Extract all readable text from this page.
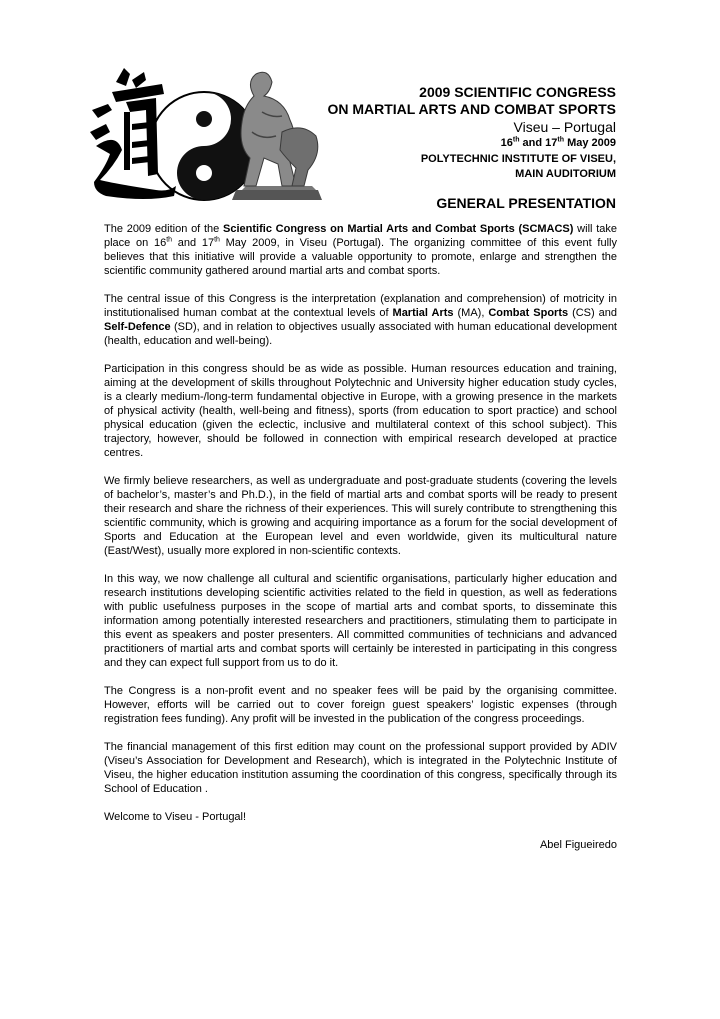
2009 SCIENTIFIC CONGRESS

ON MARTIAL ARTS AND COMBAT SPORTS

Viseu – Portugal

16th and 17th May 2009

POLYTECHNIC INSTITUTE OF VISEU,

MAIN AUDITORIUM

GENERAL PRESENTATION

The 2009 edition of the Scientific Congress on Martial Arts and Combat Sports (SCMACS) will take place on 16th and 17th May 2009, in Viseu (Portugal). The organizing committee of this event fully believes that this initiative will provide a valuable opportunity to promote, enlarge and strengthen the scientific community gathered around martial arts and combat sports.

The central issue of this Congress is the interpretation (explanation and comprehension) of motricity in institutionalised human combat at the contextual levels of Martial Arts (MA), Combat Sports (CS) and Self-Defence (SD), and in relation to objectives usually associated with human educational development (health, education and well-being).

Participation in this congress should be as wide as possible. Human resources education and training, aiming at the development of skills throughout Polytechnic and University higher education study cycles, is a clearly medium-/long-term fundamental objective in Europe, with a growing presence in the markets of physical activity (health, well-being and fitness), sports (from education to sport practice) and school physical education (given the eclectic, inclusive and multilateral context of this school subject). This trajectory, however, should be followed in connection with empirical research developed at practice centres.

We firmly believe researchers, as well as undergraduate and post-graduate students (covering the levels of bachelor’s, master’s and Ph.D.), in the field of martial arts and combat sports will be ready to present their research and share the richness of their experiences. This will surely contribute to strengthening this scientific community, which is growing and acquiring importance as a forum for the social development of Sports and Education at the European level and even worldwide, given its multicultural nature (East/West), usually more explored in non-scientific contexts.

In this way, we now challenge all cultural and scientific organisations, particularly higher education and research institutions developing scientific activities related to the field in question, as well as federations with public usefulness purposes in the scope of martial arts and combat sports, to disseminate this information among potentially interested researchers and practitioners, stimulating them to participate in this event as speakers and poster presenters. All committed communities of technicians and advanced practitioners of martial arts and combat sports will certainly be interested in participating in this congress and they can expect full support from us to do it.

The Congress is a non-profit event and no speaker fees will be paid by the organising committee. However, efforts will be carried out to cover foreign guest speakers’ logistic expenses (through registration fees funding). Any profit will be invested in the publication of the congress proceedings.

The financial management of this first edition may count on the professional support provided by ADIV (Viseu’s Association for Development and Research), which is integrated in the Polytechnic Institute of Viseu, the higher education institution assuming the coordination of this congress, specifically through its School of Education .

Welcome to Viseu - Portugal!

Abel Figueiredo
